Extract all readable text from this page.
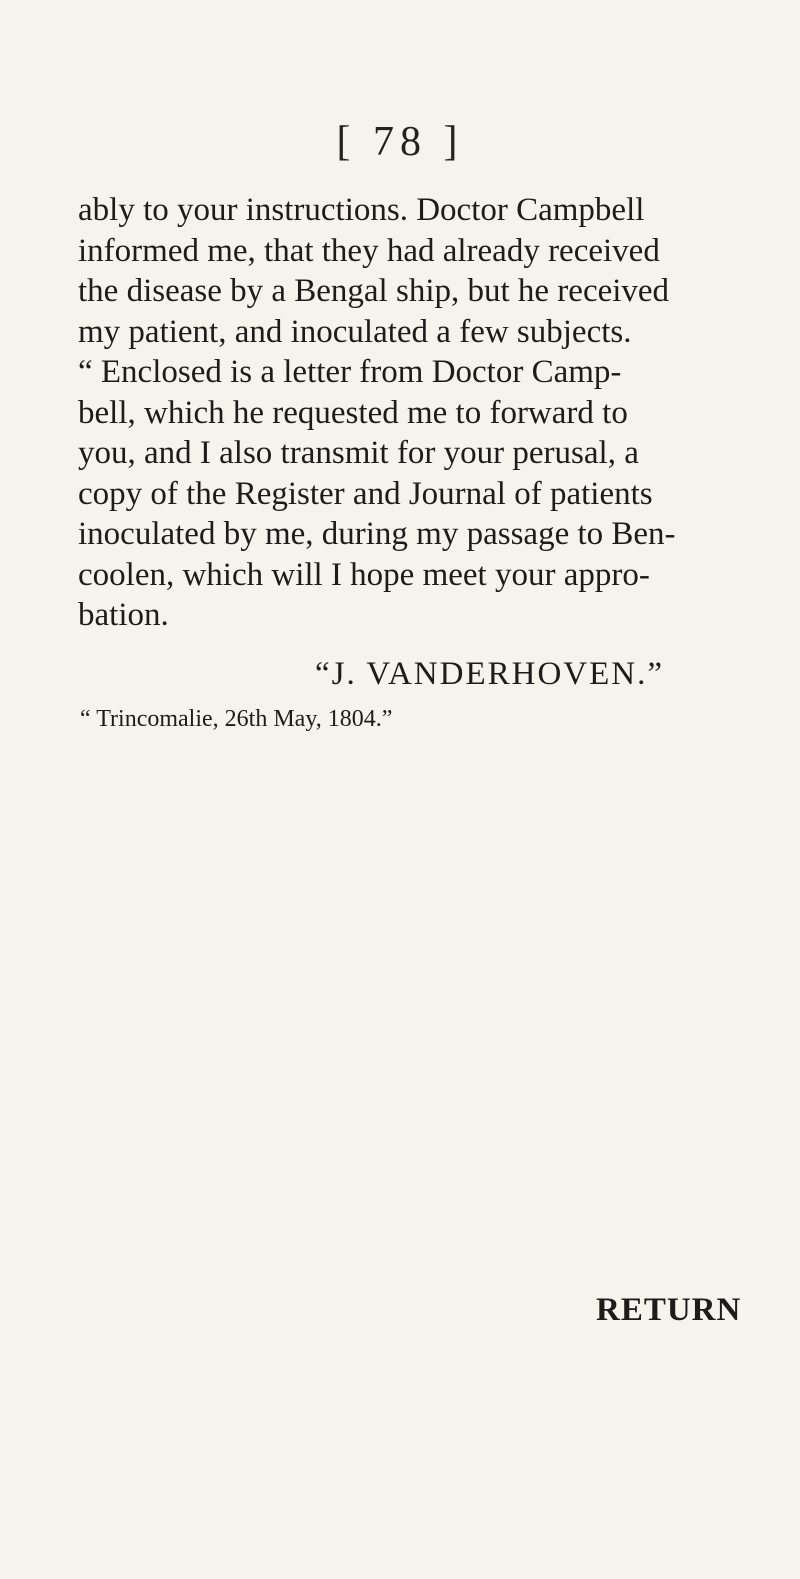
[ 78 ]
ably to your instructions. Doctor Campbell
informed me, that they had already received
the disease by a Bengal ship, but he received
my patient, and inoculated a few subjects.
“ Enclosed is a letter from Doctor Camp-
bell, which he requested me to forward to
you, and I also transmit for your perusal, a
copy of the Register and Journal of patients
inoculated by me, during my passage to Ben-
coolen, which will I hope meet your appro-
bation.
“J. VANDERHOVEN.”
“ Trincomalie, 26th May, 1804.”
RETURN
